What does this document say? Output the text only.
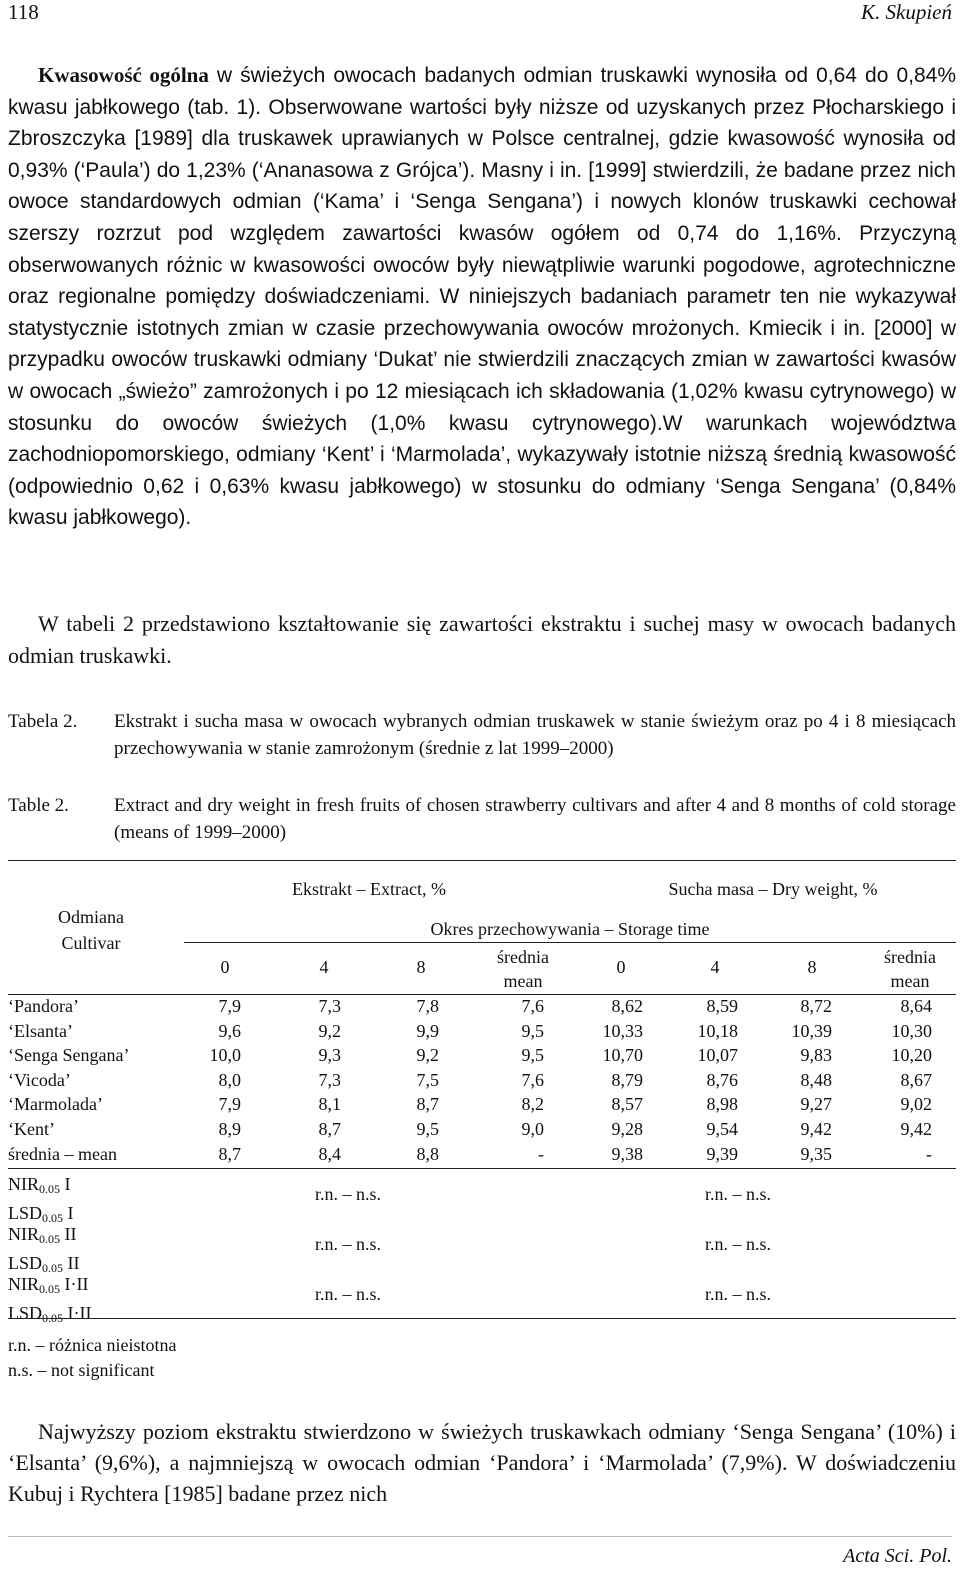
118	K. Skupień
Kwasowość ogólna w świeżych owocach badanych odmian truskawki wynosiła od 0,64 do 0,84% kwasu jabłkowego (tab. 1). Obserwowane wartości były niższe od uzyskanych przez Płocharskiego i Zbroszczyka [1989] dla truskawek uprawianych w Polsce centralnej, gdzie kwasowość wynosiła od 0,93% (‘Paula’) do 1,23% (‘Ananasowa z Grójca’). Masny i in. [1999] stwierdzili, że badane przez nich owoce standardowych odmian (‘Kama’ i ‘Senga Sengana’) i nowych klonów truskawki cechował szerszy rozrzut pod względem zawartości kwasów ogółem od 0,74 do 1,16%. Przyczyną obserwowanych różnic w kwasowości owoców były niewątpliwie warunki pogodowe, agrotechniczne oraz regionalne pomiędzy doświadczeniami. W niniejszych badaniach parametr ten nie wykazywał statystycznie istotnych zmian w czasie przechowywania owoców mrożonych. Kmiecik i in. [2000] w przypadku owoców truskawki odmiany ‘Dukat’ nie stwierdzili znaczących zmian w zawartości kwasów w owocach „świeżo” zamrożonych i po 12 miesiącach ich składowania (1,02% kwasu cytrynowego) w stosunku do owoców świeżych (1,0% kwasu cytrynowego).W warunkach województwa zachodniopomorskiego, odmiany ‘Kent’ i ‘Marmolada’, wykazywały istotnie niższą średnią kwasowość (odpowiednio 0,62 i 0,63% kwasu jabłkowego) w stosunku do odmiany ‘Senga Sengana’ (0,84% kwasu jabłkowego).
W tabeli 2 przedstawiono kształtowanie się zawartości ekstraktu i suchej masy w owocach badanych odmian truskawki.
Tabela 2. Ekstrakt i sucha masa w owocach wybranych odmian truskawek w stanie świeżym oraz po 4 i 8 miesiącach przechowywania w stanie zamrożonym (średnie z lat 1999–2000)
Table 2. Extract and dry weight in fresh fruits of chosen strawberry cultivars and after 4 and 8 months of cold storage (means of 1999–2000)
Odmiana
Cultivar
Ekstrakt – Extract, %	Sucha masa – Dry weight, %
Okres przechowywania – Storage time
0	4	8	średnia
mean
0	4	8	średnia
mean
‘Pandora’	7,9	7,3	7,8	7,6	8,62	8,59	8,72	8,64
‘Elsanta’	9,6	9,2	9,9	9,5	10,33	10,18	10,39	10,30
‘Senga Sengana’	10,0	9,3	9,2	9,5	10,70	10,07	9,83	10,20
‘Vicoda’	8,0	7,3	7,5	7,6	8,79	8,76	8,48	8,67
‘Marmolada’	7,9	8,1	8,7	8,2	8,57	8,98	9,27	9,02
‘Kent’	8,9	8,7	9,5	9,0	9,28	9,54	9,42	9,42
średnia – mean	8,7	8,4	8,8	-	9,38	9,39	9,35	-
$NIR_{0.05}$ I
$LSD_{0.05}$ I
r.n. – n.s.	r.n. – n.s.
$NIR_{0.05}$ II
$LSD_{0.05}$ II
r.n. – n.s.	r.n. – n.s.
$NIR_{0.05}$ I·II
$LSD_{0.05}$ I·II
r.n. – n.s.	r.n. – n.s.
r.n. – różnica nieistotna
n.s. – not significant
Najwyższy poziom ekstraktu stwierdzono w świeżych truskawkach odmiany ‘Senga Sengana’ (10%) i ‘Elsanta’ (9,6%), a najmniejszą w owocach odmian ‘Pandora’ i ‘Marmolada’ (7,9%). W doświadczeniu Kubuj i Rychtera [1985] badane przez nich
Acta Sci. Pol.
